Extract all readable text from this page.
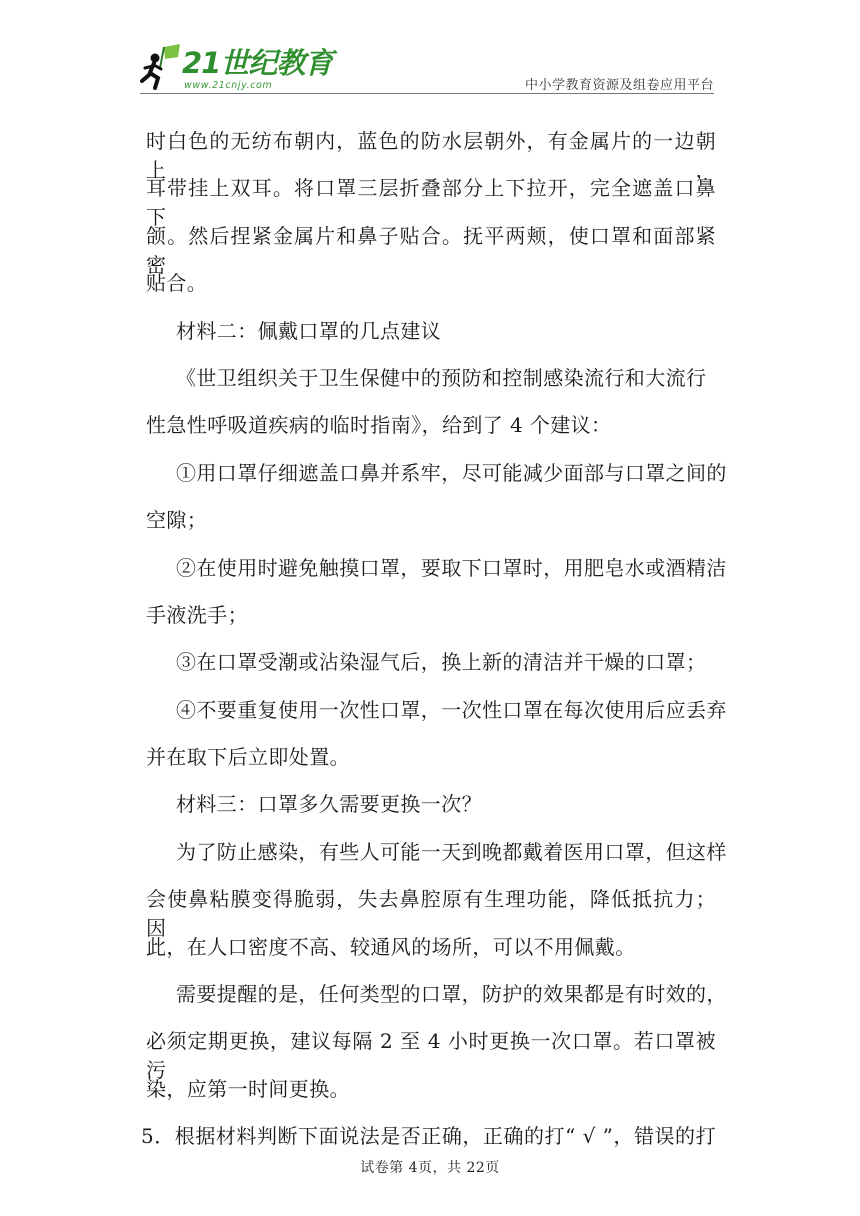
21世纪教育
www.21cnjy.com	中小学教育资源及组卷应用平台
时白色的无纺布朝内，蓝色的防水层朝外，有金属片的一边朝上，
耳带挂上双耳。将口罩三层折叠部分上下拉开，完全遮盖口鼻下
颌。然后捏紧金属片和鼻子贴合。抚平两颊，使口罩和面部紧密
贴合。
材料二：佩戴口罩的几点建议
《世卫组织关于卫生保健中的预防和控制感染流行和大流行
性急性呼吸道疾病的临时指南》，给到了 4 个建议：
①用口罩仔细遮盖口鼻并系牢，尽可能减少面部与口罩之间的
空隙；
②在使用时避免触摸口罩，要取下口罩时，用肥皂水或酒精洁
手液洗手；
③在口罩受潮或沾染湿气后，换上新的清洁并干燥的口罩；
④不要重复使用一次性口罩，一次性口罩在每次使用后应丢弃
并在取下后立即处置。
材料三：口罩多久需要更换一次？
为了防止感染，有些人可能一天到晚都戴着医用口罩，但这样
会使鼻粘膜变得脆弱，失去鼻腔原有生理功能，降低抵抗力；因
此，在人口密度不高、较通风的场所，可以不用佩戴。
需要提醒的是，任何类型的口罩，防护的效果都是有时效的，
必须定期更换，建议每隔 2 至 4 小时更换一次口罩。若口罩被污
染，应第一时间更换。
5．根据材料判断下面说法是否正确，正确的打“ √ ”，错误的打
试卷第 4页，共 22页
